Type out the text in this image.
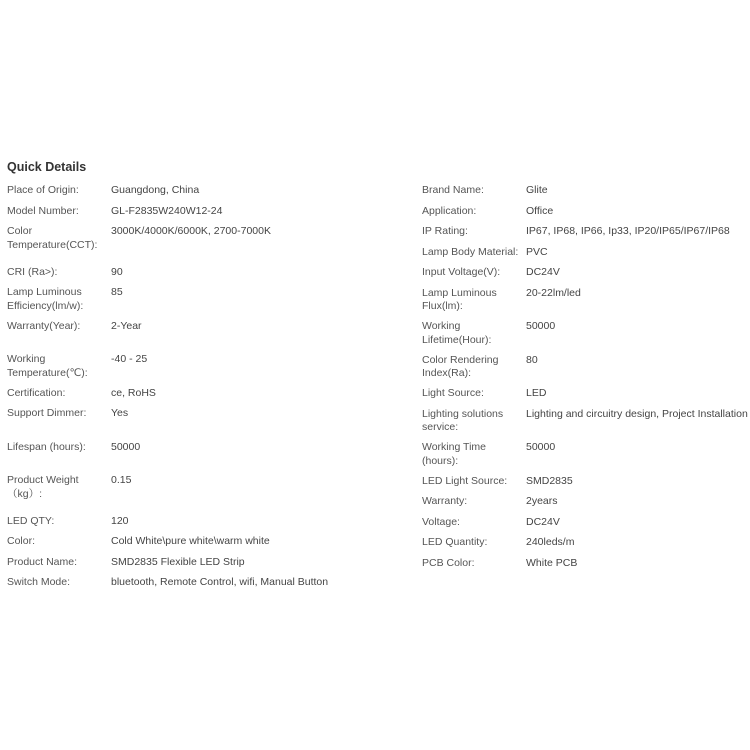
Quick Details
Place of Origin:	Guangdong, China
Model Number:	GL-F2835W240W12-24
Color Temperature(CCT):
3000K/4000K/6000K, 2700-7000K
CRI (Ra>):	90
Lamp Luminous Efficiency(lm/w):
85
Warranty(Year):	2-Year
Working Temperature(℃):
-40 - 25
Certification:	ce, RoHS
Support Dimmer:	Yes
Lifespan (hours):	50000
Product Weight （kg）:
0.15
LED QTY:	120
Color:	Cold White\pure white\warm white
Product Name:	SMD2835 Flexible LED Strip
Switch Mode:	bluetooth, Remote Control, wifi, Manual Button
Brand Name:	Glite
Application:	Office
IP Rating:	IP67, IP68, IP66, Ip33, IP20/IP65/IP67/IP68
Lamp Body Material: PVC
Input Voltage(V):	DC24V
Lamp Luminous Flux(lm):
20-22lm/led
Working Lifetime(Hour):
50000
Color Rendering Index(Ra):
80
Light Source:	LED
Lighting solutions service:
Lighting and circuitry design, Project Installation
Working Time (hours):
50000
LED Light Source:	SMD2835
Warranty:	2years
Voltage:	DC24V
LED Quantity:	240leds/m
PCB Color:	White PCB
